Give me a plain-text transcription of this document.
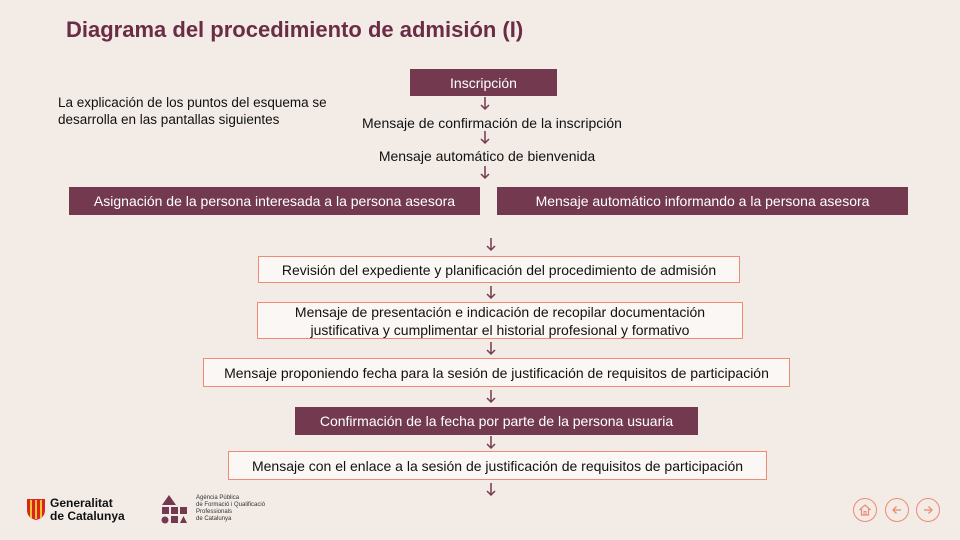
Diagrama del procedimiento de admisión (I)
La explicación de los puntos del esquema se desarrolla en las pantallas siguientes
Inscripción
Mensaje de confirmación de la inscripción
Mensaje automático de bienvenida
Asignación de la persona interesada a la persona asesora	Mensaje automático informando a la persona asesora
Revisión del expediente y planificación del procedimiento de admisión
Mensaje de presentación e indicación de recopilar documentación justificativa y cumplimentar el historial profesional y formativo
Mensaje proponiendo fecha para la sesión de justificación de requisitos de participación
Confirmación de la fecha por parte de la persona usuaria
Mensaje con el enlace a la sesión de justificación de requisitos de participación
Generalitat
de Catalunya
Agència Pública
de Formació i Qualificació
Professionals
de Catalunya
